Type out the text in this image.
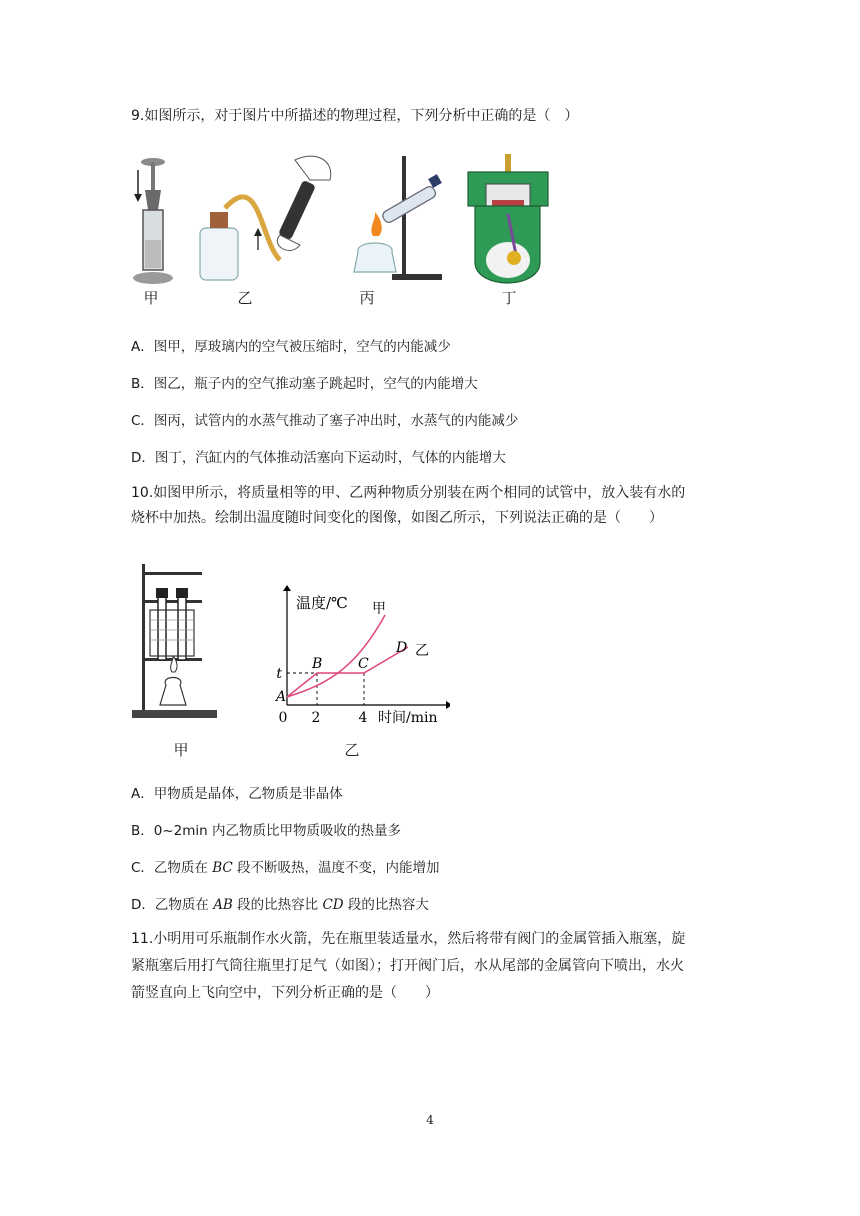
9.如图所示，对于图片中所描述的物理过程，下列分析中正确的是（　）
甲	乙	丙	丁
A．图甲，厚玻璃内的空气被压缩时，空气的内能减少
B．图乙，瓶子内的空气推动塞子跳起时，空气的内能增大
C．图丙，试管内的水蒸气推动了塞子冲出时，水蒸气的内能减少
D．图丁，汽缸内的气体推动活塞向下运动时，气体的内能增大
10.如图甲所示，将质量相等的甲、乙两种物质分别装在两个相同的试管中，放入装有水的
烧杯中加热。绘制出温度随时间变化的图像，如图乙所示，下列说法正确的是（　　）
温度/℃
时间/min
0 2	4
t
A
B	C
D
甲
乙
甲	乙
A．甲物质是晶体，乙物质是非晶体
B．0~2min 内乙物质比甲物质吸收的热量多
C．乙物质在 BC 段不断吸热，温度不变，内能增加
D．乙物质在 AB 段的比热容比 CD 段的比热容大
11.小明用可乐瓶制作水火箭，先在瓶里装适量水，然后将带有阀门的金属管插入瓶塞，旋
紧瓶塞后用打气筒往瓶里打足气（如图）；打开阀门后，水从尾部的金属管向下喷出，水火
箭竖直向上飞向空中，下列分析正确的是（　　）
4
